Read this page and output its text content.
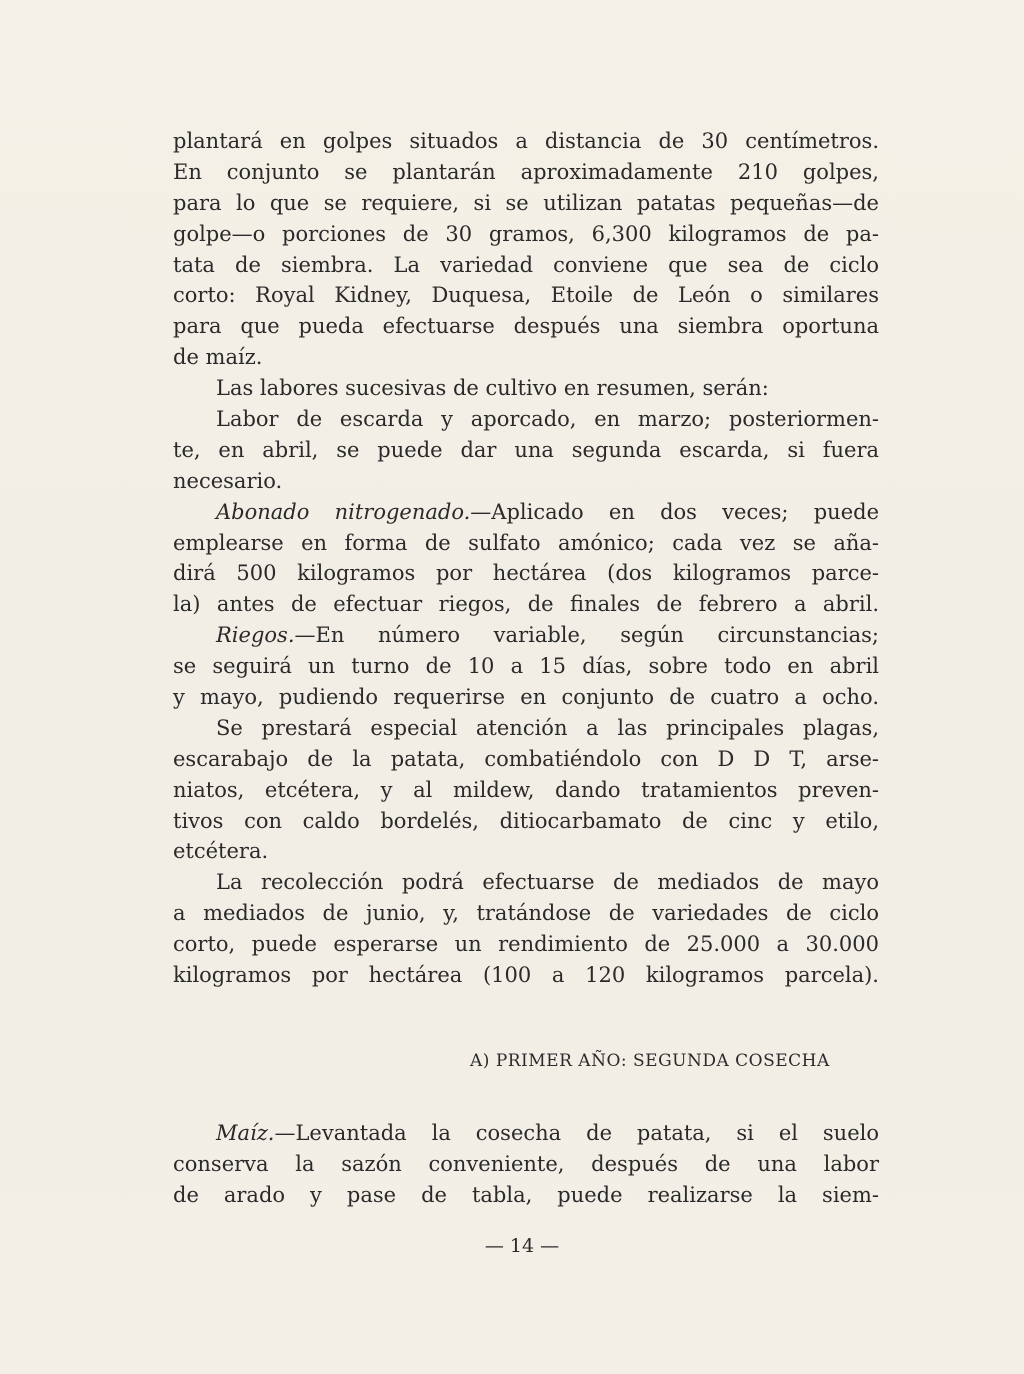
plantará en golpes situados a distancia de 30 centímetros.
En conjunto se plantarán aproximadamente 210 golpes,
para lo que se requiere, si se utilizan patatas pequeñas—de
golpe—o porciones de 30 gramos, 6,300 kilogramos de pa-
tata de siembra. La variedad conviene que sea de ciclo
corto: Royal Kidney, Duquesa, Etoile de León o similares
para que pueda efectuarse después una siembra oportuna
de maíz.
Las labores sucesivas de cultivo en resumen, serán:
Labor de escarda y aporcado, en marzo; posteriormen-
te, en abril, se puede dar una segunda escarda, si fuera
necesario.
Abonado nitrogenado.—Aplicado en dos veces; puede
emplearse en forma de sulfato amónico; cada vez se aña-
dirá 500 kilogramos por hectárea (dos kilogramos parce-
la) antes de efectuar riegos, de finales de febrero a abril.
Riegos.—En número variable, según circunstancias;
se seguirá un turno de 10 a 15 días, sobre todo en abril
y mayo, pudiendo requerirse en conjunto de cuatro a ocho.
Se prestará especial atención a las principales plagas,
escarabajo de la patata, combatiéndolo con D D T, arse-
niatos, etcétera, y al mildew, dando tratamientos preven-
tivos con caldo bordelés, ditiocarbamato de cinc y etilo,
etcétera.
La recolección podrá efectuarse de mediados de mayo
a mediados de junio, y, tratándose de variedades de ciclo
corto, puede esperarse un rendimiento de 25.000 a 30.000
kilogramos por hectárea (100 a 120 kilogramos parcela).
A) PRIMER AÑO: SEGUNDA COSECHA
Maíz.—Levantada la cosecha de patata, si el suelo
conserva la sazón conveniente, después de una labor
de arado y pase de tabla, puede realizarse la siem-
— 14 —
